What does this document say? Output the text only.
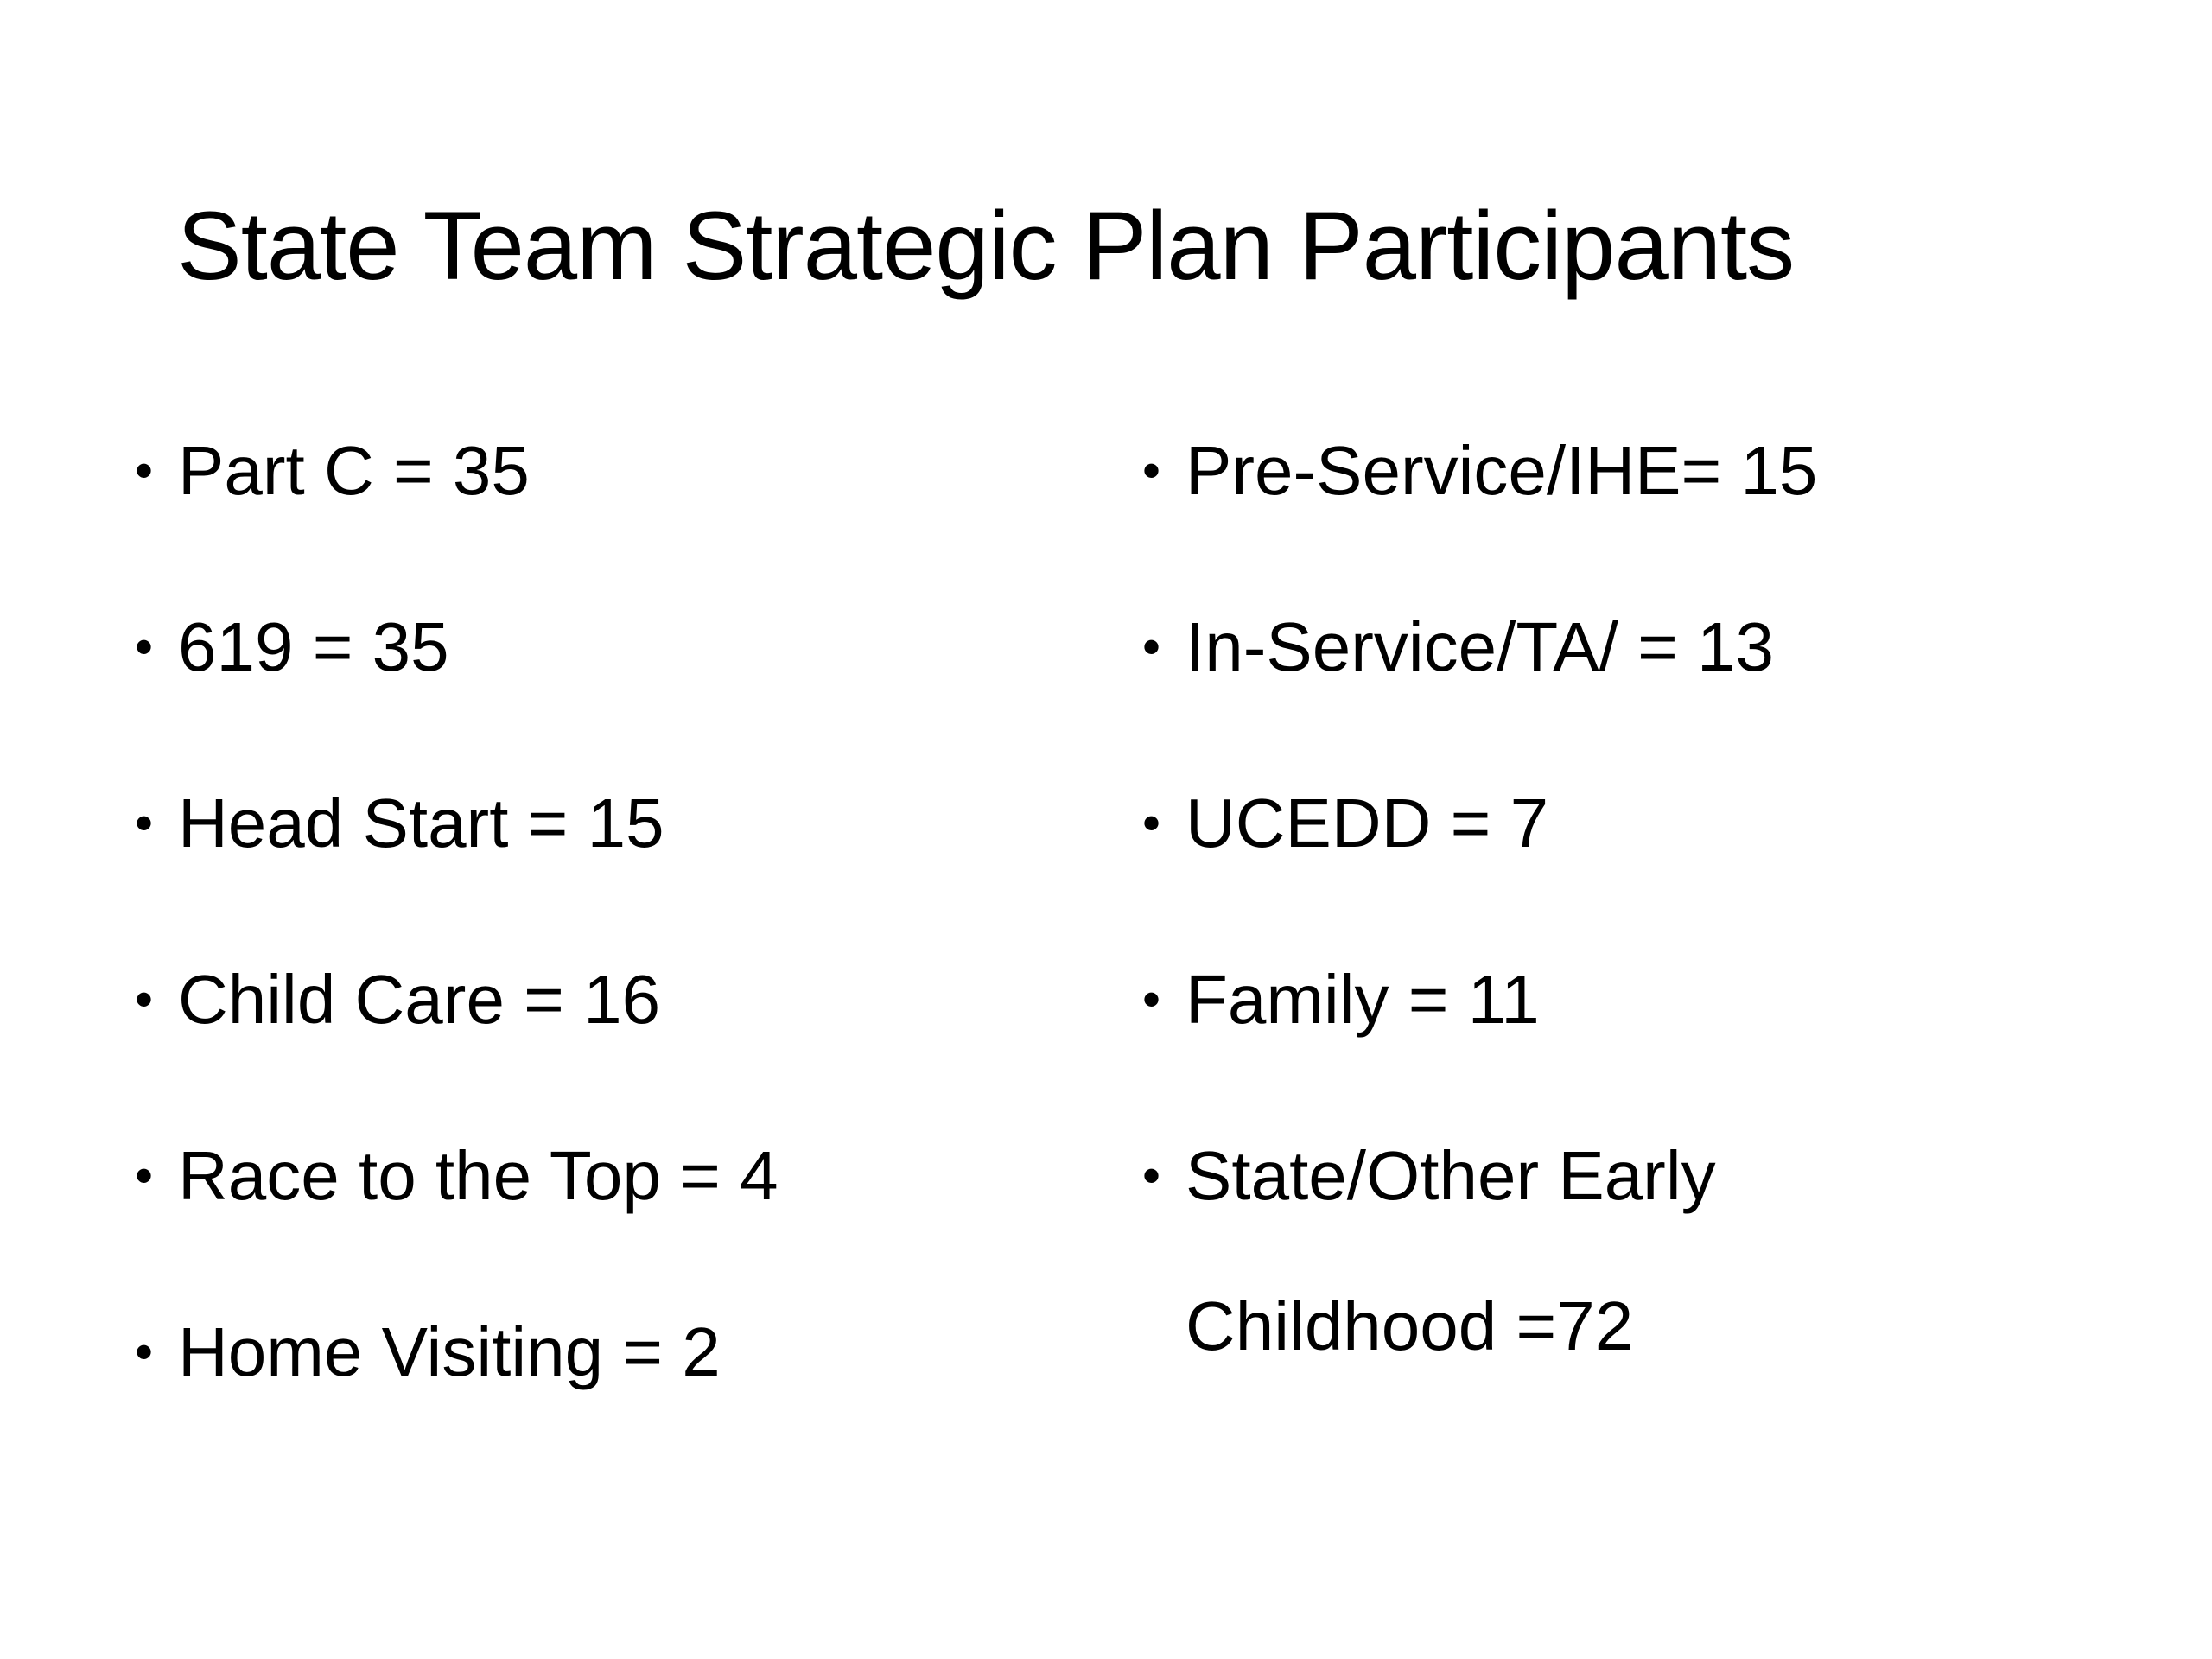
State Team Strategic Plan Participants
• Part C = 35
• 619 = 35
• Head Start = 15
• Child Care = 16
• Race to the Top = 4
• Home Visiting = 2
• Pre-Service/IHE= 15
• In-Service/TA/ = 13
• UCEDD = 7
• Family = 11
• State/Other Early
Childhood =72
